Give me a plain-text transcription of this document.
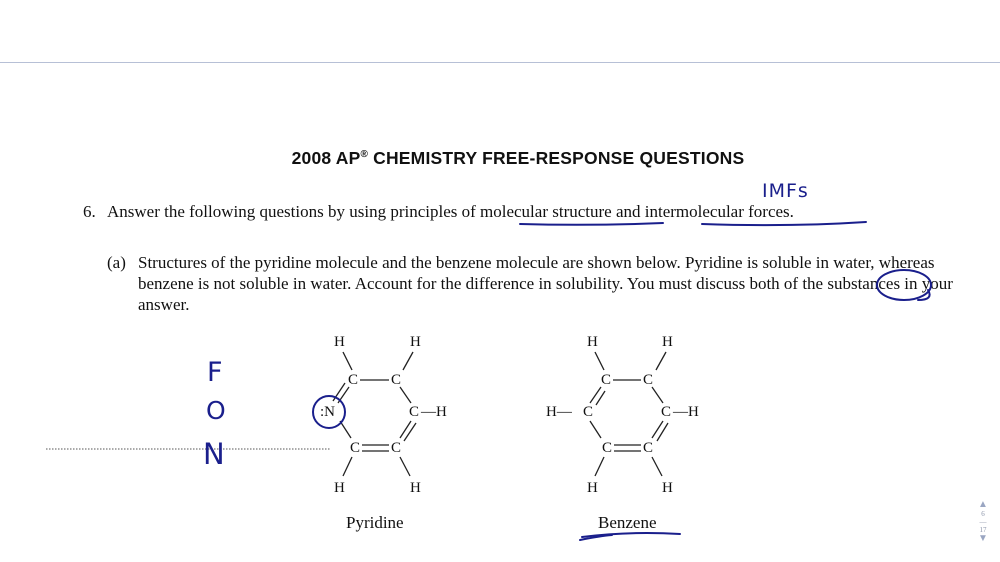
2008 AP® CHEMISTRY FREE-RESPONSE QUESTIONS
6. Answer the following questions by using principles of molecular structure and intermolecular forces.
(a) Structures of the pyridine molecule and the benzene molecule are shown below. Pyridine is soluble in water, whereas benzene is not soluble in water. Account for the difference in solubility. You must discuss both of the substances in your answer.
H	H
C C
:N	C —H
C C
H	H
Pyridine
H	H
C C
H— C	C —H
C C
H	H
Benzene
IMFs
F
O
N
▲
6
—
17
▼
